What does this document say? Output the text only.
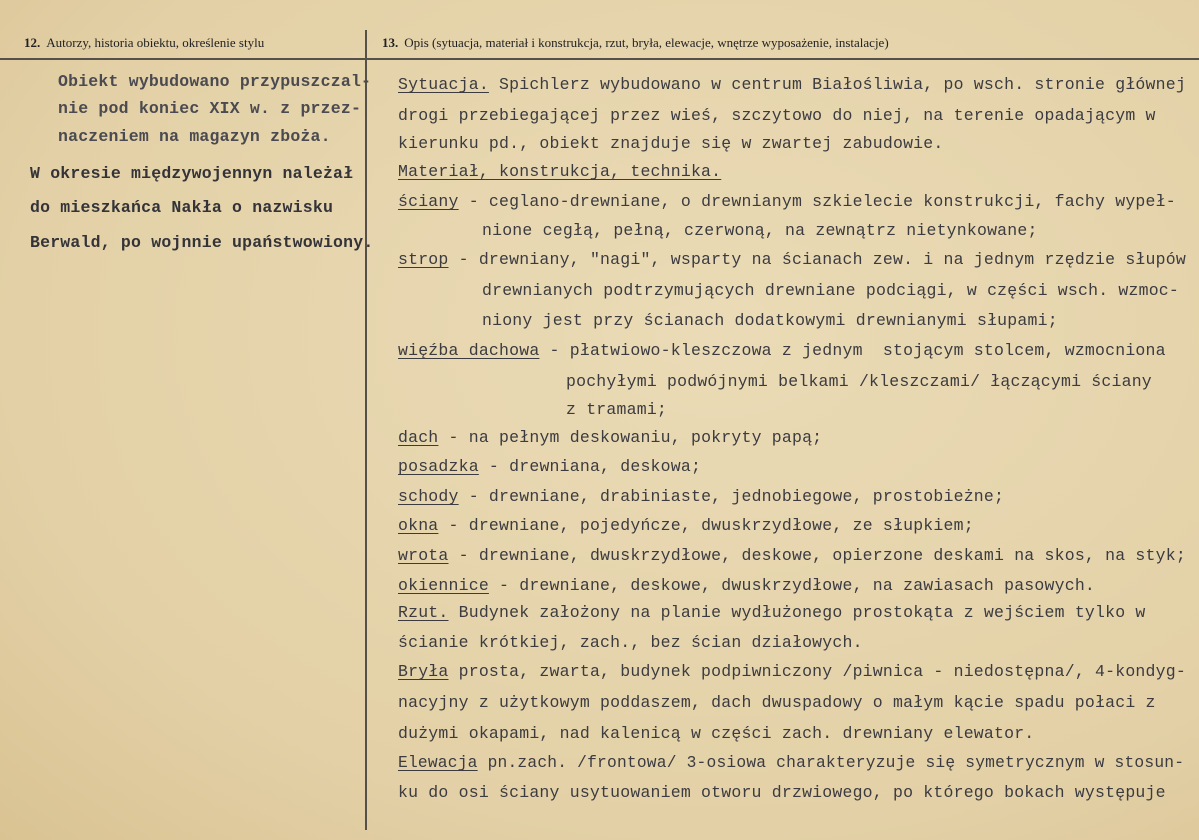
12. Autorzy, historia obiektu, określenie stylu	13. Opis (sytuacja, materiał i konstrukcja, rzut, bryła, elewacje, wnętrze wyposażenie, instalacje)
Obiekt wybudowano przypuszczal-
nie pod koniec XIX w. z przez-
naczeniem na magazyn zboża.
W okresie międzywojennyn należał
do mieszkańca Nakła o nazwisku
Berwald, po wojnnie upaństwowiony.
Sytuacja. Spichlerz wybudowano w centrum Białośliwia, po wsch. stronie głównej
drogi przebiegającej przez wieś, szczytowo do niej, na terenie opadającym w
kierunku pd., obiekt znajduje się w zwartej zabudowie.
Materiał, konstrukcja, technika.
ściany - ceglano-drewniane, o drewnianym szkielecie konstrukcji, fachy wypeł-
nione cegłą, pełną, czerwoną, na zewnątrz nietynkowane;
strop - drewniany, "nagi", wsparty na ścianach zew. i na jednym rzędzie słupów
drewnianych podtrzymujących drewniane podciągi, w części wsch. wzmoc-
niony jest przy ścianach dodatkowymi drewnianymi słupami;
więźba dachowa - płatwiowo-kleszczowa z jednym  stojącym stolcem, wzmocniona
pochyłymi podwójnymi belkami /kleszczami/ łączącymi ściany
z tramami;
dach - na pełnym deskowaniu, pokryty papą;
posadzka - drewniana, deskowa;
schody - drewniane, drabiniaste, jednobiegowe, prostobieżne;
okna - drewniane, pojedyńcze, dwuskrzydłowe, ze słupkiem;
wrota - drewniane, dwuskrzydłowe, deskowe, opierzone deskami na skos, na styk;
okiennice - drewniane, deskowe, dwuskrzydłowe, na zawiasach pasowych.
Rzut. Budynek założony na planie wydłużonego prostokąta z wejściem tylko w
ścianie krótkiej, zach., bez ścian działowych.
Bryła prosta, zwarta, budynek podpiwniczony /piwnica - niedostępna/, 4-kondyg-
nacyjny z użytkowym poddaszem, dach dwuspadowy o małym kącie spadu połaci z
dużymi okapami, nad kalenicą w części zach. drewniany elewator.
Elewacja pn.zach. /frontowa/ 3-osiowa charakteryzuje się symetrycznym w stosun-
ku do osi ściany usytuowaniem otworu drzwiowego, po którego bokach występuje
